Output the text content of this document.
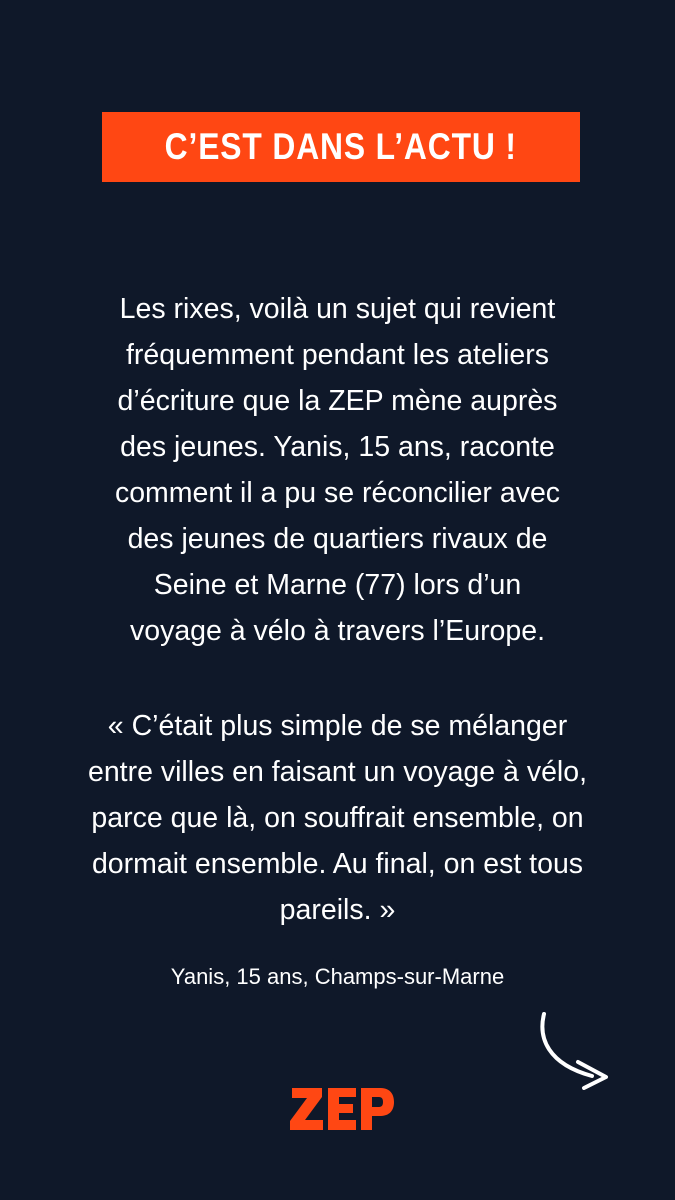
C’EST DANS L’ACTU !
Les rixes, voilà un sujet qui revient
fréquemment pendant les ateliers
d’écriture que la ZEP mène auprès
des jeunes. Yanis, 15 ans, raconte
comment il a pu se réconcilier avec
des jeunes de quartiers rivaux de
Seine et Marne (77) lors d’un
voyage à vélo à travers l’Europe.
« C’était plus simple de se mélanger
entre villes en faisant un voyage à vélo,
parce que là, on souffrait ensemble, on
dormait ensemble. Au final, on est tous
pareils. »
Yanis, 15 ans, Champs-sur-Marne
